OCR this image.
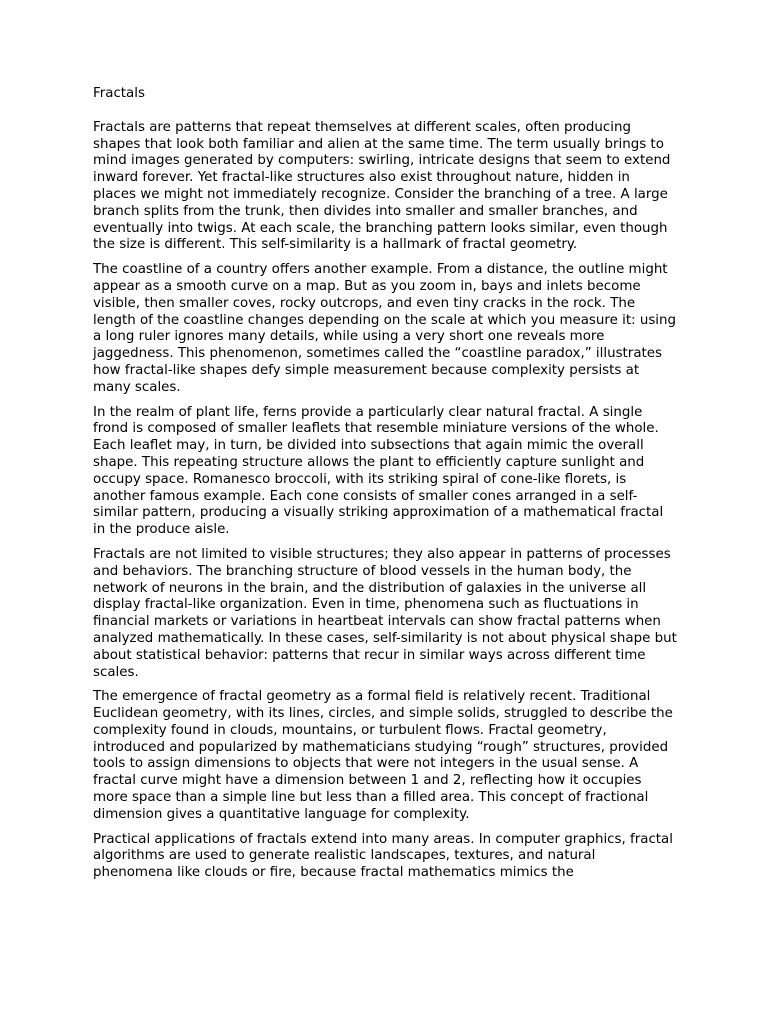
Fractals

Fractals are patterns that repeat themselves at different scales, often producing shapes that look both familiar and alien at the same time. The term usually brings to mind images generated by computers: swirling, intricate designs that seem to extend inward forever. Yet fractal-like structures also exist throughout nature, hidden in places we might not immediately recognize. Consider the branching of a tree. A large branch splits from the trunk, then divides into smaller and smaller branches, and eventually into twigs. At each scale, the branching pattern looks similar, even though the size is different. This self-similarity is a hallmark of fractal geometry.

The coastline of a country offers another example. From a distance, the outline might appear as a smooth curve on a map. But as you zoom in, bays and inlets become visible, then smaller coves, rocky outcrops, and even tiny cracks in the rock. The length of the coastline changes depending on the scale at which you measure it: using a long ruler ignores many details, while using a very short one reveals more jaggedness. This phenomenon, sometimes called the “coastline paradox,” illustrates how fractal-like shapes defy simple measurement because complexity persists at many scales.

In the realm of plant life, ferns provide a particularly clear natural fractal. A single frond is composed of smaller leaflets that resemble miniature versions of the whole. Each leaflet may, in turn, be divided into subsections that again mimic the overall shape. This repeating structure allows the plant to efficiently capture sunlight and occupy space. Romanesco broccoli, with its striking spiral of cone-like florets, is another famous example. Each cone consists of smaller cones arranged in a self-similar pattern, producing a visually striking approximation of a mathematical fractal in the produce aisle.

Fractals are not limited to visible structures; they also appear in patterns of processes and behaviors. The branching structure of blood vessels in the human body, the network of neurons in the brain, and the distribution of galaxies in the universe all display fractal-like organization. Even in time, phenomena such as fluctuations in financial markets or variations in heartbeat intervals can show fractal patterns when analyzed mathematically. In these cases, self-similarity is not about physical shape but about statistical behavior: patterns that recur in similar ways across different time scales.

The emergence of fractal geometry as a formal field is relatively recent. Traditional Euclidean geometry, with its lines, circles, and simple solids, struggled to describe the complexity found in clouds, mountains, or turbulent flows. Fractal geometry, introduced and popularized by mathematicians studying “rough” structures, provided tools to assign dimensions to objects that were not integers in the usual sense. A fractal curve might have a dimension between 1 and 2, reflecting how it occupies more space than a simple line but less than a filled area. This concept of fractional dimension gives a quantitative language for complexity.

Practical applications of fractals extend into many areas. In computer graphics, fractal algorithms are used to generate realistic landscapes, textures, and natural phenomena like clouds or fire, because fractal mathematics mimics the
